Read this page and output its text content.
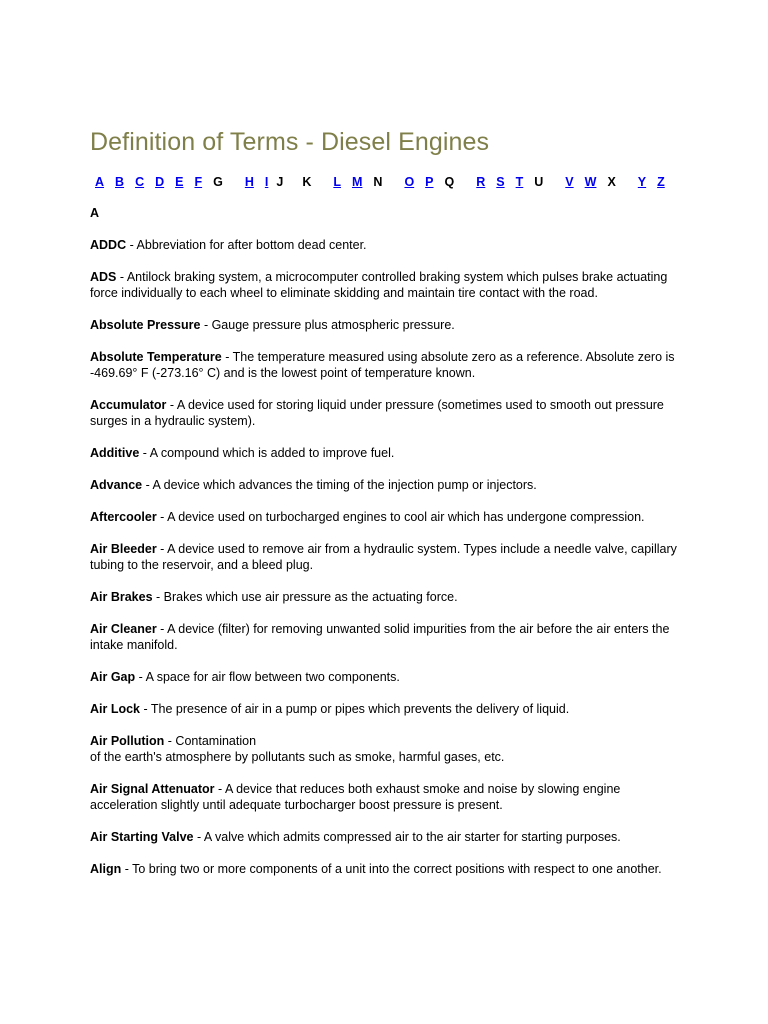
Definition of Terms - Diesel Engines
A B C D E F G H I J K L M N O P Q R S T U V W X Y Z
A

ADDC - Abbreviation for after bottom dead center.

ADS - Antilock braking system, a microcomputer controlled braking system which pulses brake actuating force individually to each wheel to eliminate skidding and maintain tire contact with the road.

Absolute Pressure - Gauge pressure plus atmospheric pressure.

Absolute Temperature - The temperature measured using absolute zero as a reference. Absolute zero is -469.69° F (-273.16° C) and is the lowest point of temperature known.

Accumulator - A device used for storing liquid under pressure (sometimes used to smooth out pressure surges in a hydraulic system).

Additive - A compound which is added to improve fuel.

Advance - A device which advances the timing of the injection pump or injectors.

Aftercooler - A device used on turbocharged engines to cool air which has undergone compression.

Air Bleeder - A device used to remove air from a hydraulic system. Types include a needle valve, capillary tubing to the reservoir, and a bleed plug.

Air Brakes - Brakes which use air pressure as the actuating force.

Air Cleaner - A device (filter) for removing unwanted solid impurities from the air before the air enters the intake manifold.

Air Gap - A space for air flow between two components.

Air Lock - The presence of air in a pump or pipes which prevents the delivery of liquid.

Air Pollution - Contamination
of the earth's atmosphere by pollutants such as smoke, harmful gases, etc.

Air Signal Attenuator - A device that reduces both exhaust smoke and noise by slowing engine acceleration slightly until adequate turbocharger boost pressure is present.

Air Starting Valve - A valve which admits compressed air to the air starter for starting purposes.

Align - To bring two or more components of a unit into the correct positions with respect to one another.
